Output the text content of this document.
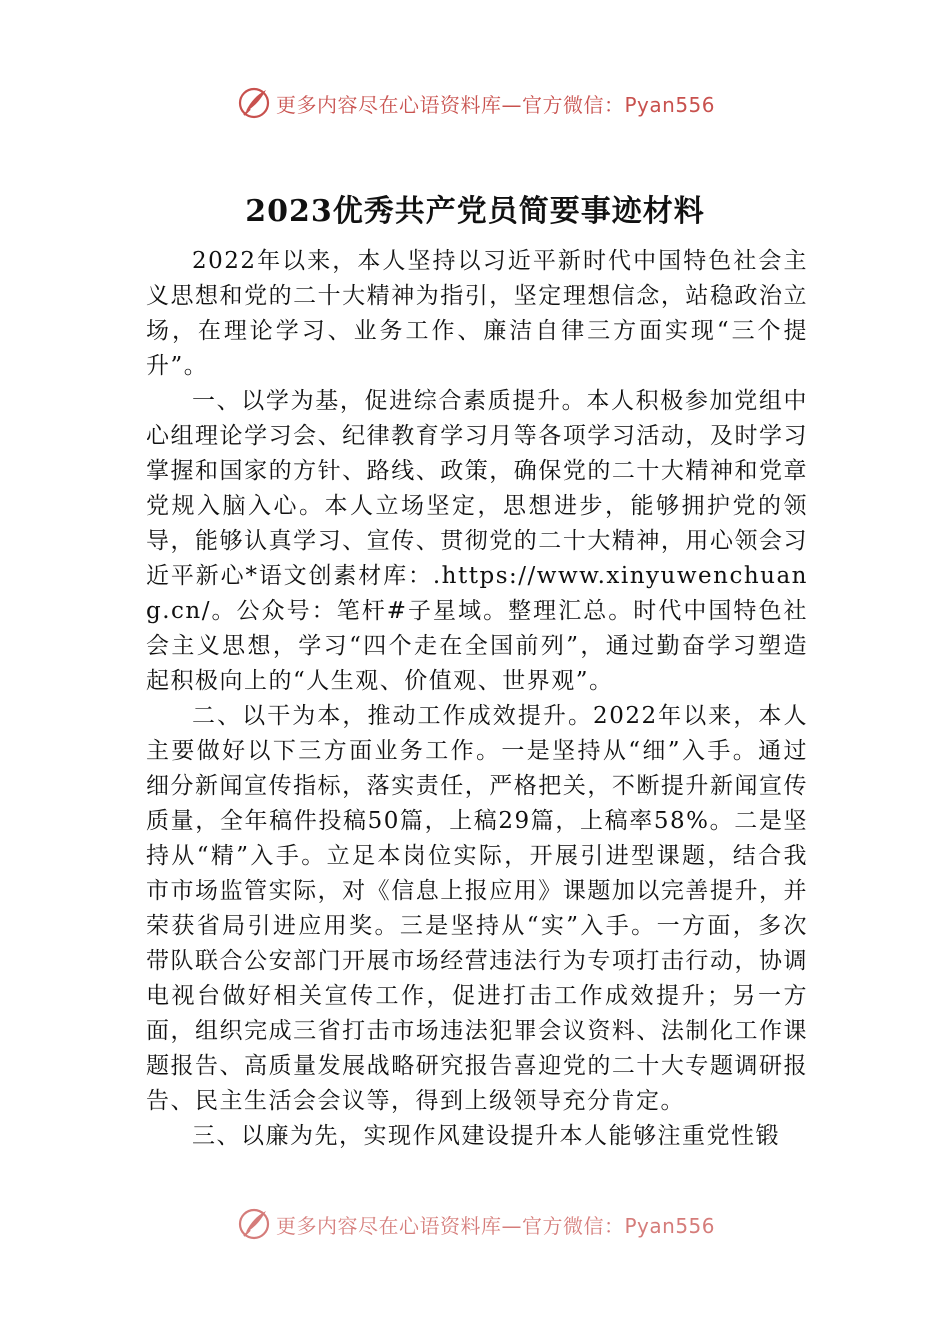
更多内容尽在心语资料库—官方微信：Pyan556
2023优秀共产党员简要事迹材料

2022年以来，本人坚持以习近平新时代中国特色社会主义思想和党的二十大精神为指引，坚定理想信念，站稳政治立场，在理论学习、业务工作、廉洁自律三方面实现“三个提升”。

一、以学为基，促进综合素质提升。本人积极参加党组中心组理论学习会、纪律教育学习月等各项学习活动，及时学习掌握和国家的方针、路线、政策，确保党的二十大精神和党章党规入脑入心。本人立场坚定，思想进步，能够拥护党的领导，能够认真学习、宣传、贯彻党的二十大精神，用心领会习近平新心*语文创素材库：.https://www.xinyuwenchuang.cn/。公众号：笔杆#子星域。整理汇总。时代中国特色社会主义思想，学习“四个走在全国前列”，通过勤奋学习塑造起积极向上的“人生观、价值观、世界观”。

二、以干为本，推动工作成效提升。2022年以来，本人主要做好以下三方面业务工作。一是坚持从“细”入手。通过细分新闻宣传指标，落实责任，严格把关，不断提升新闻宣传质量，全年稿件投稿50篇，上稿29篇，上稿率58%。二是坚持从“精”入手。立足本岗位实际，开展引进型课题，结合我市市场监管实际，对《信息上报应用》课题加以完善提升，并荣获省局引进应用奖。三是坚持从“实”入手。一方面，多次带队联合公安部门开展市场经营违法行为专项打击行动，协调电视台做好相关宣传工作，促进打击工作成效提升；另一方面，组织完成三省打击市场违法犯罪会议资料、法制化工作课题报告、高质量发展战略研究报告喜迎党的二十大专题调研报告、民主生活会会议等，得到上级领导充分肯定。

三、以廉为先，实现作风建设提升本人能够注重党性锻

更多内容尽在心语资料库—官方微信：Pyan556
